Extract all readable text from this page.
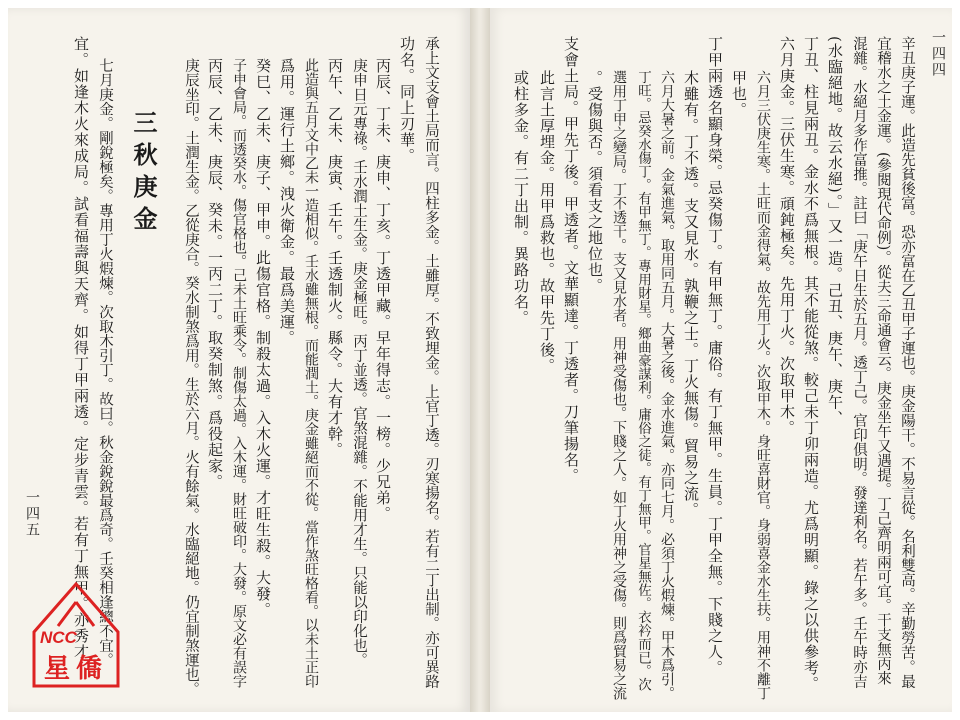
一四四
辛丑庚子運。此造先貧後富。恐亦富在乙丑甲子運也。庚金陽干。不易言從。名利雙高。辛勤勞苦。最
宜稽水之土金運。(參閱現代命例)。從夫三命通會云。庚金坐午又遇提。丁己齊明兩可宜。干支無丙來
混雜。水絕月多作富推。註曰「庚午日生於五月。透丁己。官印俱明。發達利名。若午多。壬午時亦吉
(水臨絕地。故云水絕)。」又一造。己丑、庚午、庚午、
丁丑、柱見兩丑。金水不爲無根。其不能從煞。較己未丁卯兩造。尤爲明顯。錄之以供參考。
六月庚金。三伏生寒。頑鈍極矣。先用丁火。次取甲木。
六月三伏庚生寒。土旺而金得氣。故先用丁火。次取甲木。身旺喜財官。身弱喜金水生扶。用神不離丁
甲也。
丁甲兩透名顯身榮。忌癸傷丁。有甲無丁。庸俗。有丁無甲。生員。丁甲全無。下賤之人。
木雖有。丁不透。支又見水。孰鞭之士。丁火無傷。貿易之流。
六月大暑之前。金氣進氣。取用同五月。大暑之後。金水進氣。亦同七月。必須丁火煆煉。甲木爲引。
丁旺。忌癸水傷丁。有甲無丁。專用財星。鄉曲豪謀利。庸俗之徒。有丁無甲。官星無佐。衣衿而已。次
選用丁甲之變局。丁不透干。支又見水者。用神受傷也。下賤之人。如丁火用神之受傷。則爲貿易之流
。受傷與否。須看支之地位也。
支會土局。甲先丁後。甲透者。文華顯達。丁透者。刀筆揚名。
此言土厚埋金。用甲爲救也。故甲先丁後。
或柱多金。有二丁出制。異路功名。
承上文支會土局而言。四柱多金。土雖厚。不致埋金。上官丁透。刃寒揚名。若有二丁出制。亦可異路
功名。同上刃華。
丙辰、丁未、庚申、丁亥。丁透甲藏。早年得志。一榜。少兄弟。
庚申日元專祿。壬水潤土生金。庚金極旺。丙丁並透。官煞混雜。不能用才生。只能以印化也。
丙午、乙未、庚寅、壬午。壬透制火。縣令。大有才幹。
此造與五月文中乙未一造相似。壬水雖無根。而能潤土。庚金雖絕而不從。當作煞旺格看。以未土正印
爲用。運行土鄉。洩火衛金。最爲美運。
癸巳、乙未、庚子、甲申。此傷官格。制殺太過。入木火運。才旺生殺。大發。
子申會局。而透癸水。傷官格也。己未土旺乘令。制傷太過。入木運。財旺破印。大發。原文必有誤字
丙辰、乙未、庚辰、癸未。一丙二丁。取癸制煞。爲役起家。
庚辰坐印。土潤生金。乙從庚合。癸水制煞爲用。生於六月。火有餘氣。水臨絕地。仍宜制煞運也。
三秋庚金
七月庚金。剛銳極矣。專用丁火煆煉。次取木引丁。故曰。秋金銳銳最爲奇。壬癸相逢總不宜。
宜。如逢木火來成局。試看福壽與天齊。如得丁甲兩透。定步青雲。若有丁無甲。亦秀才
一四五
NCC
星僑
